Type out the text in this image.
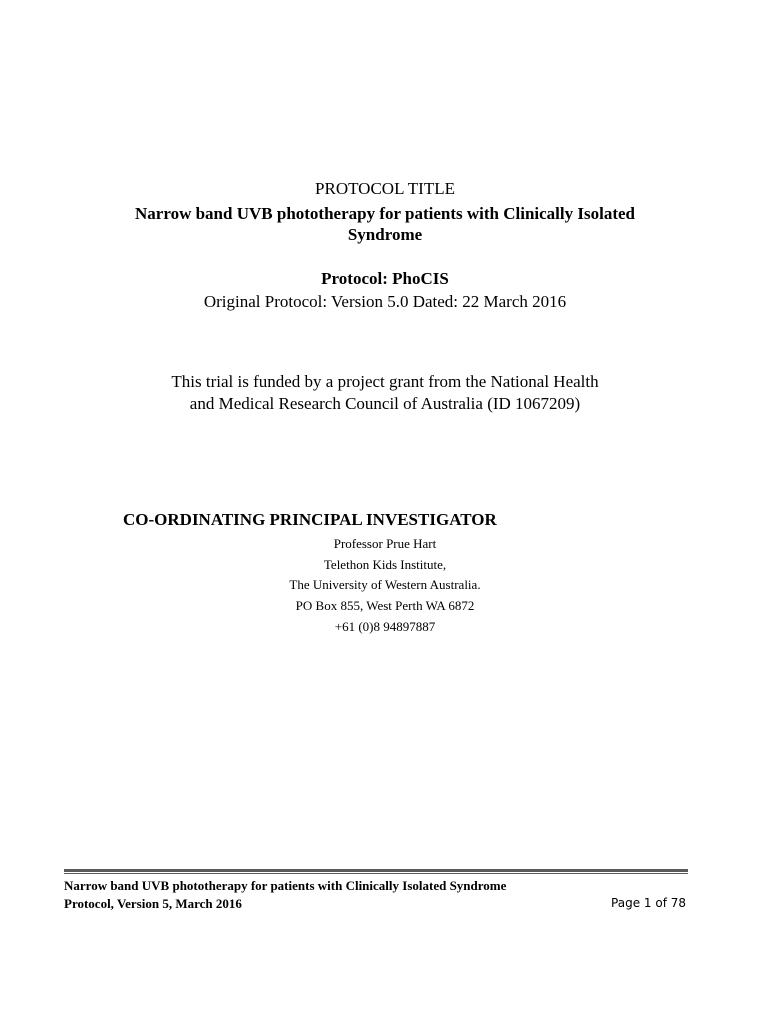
PROTOCOL TITLE
Narrow band UVB phototherapy for patients with Clinically Isolated
Syndrome
Protocol: PhoCIS
Original Protocol: Version 5.0 Dated: 22 March 2016
This trial is funded by a project grant from the National Health
and Medical Research Council of Australia (ID 1067209)
CO-ORDINATING PRINCIPAL INVESTIGATOR
Professor Prue Hart
Telethon Kids Institute,
The University of Western Australia.
PO Box 855, West Perth WA 6872
+61 (0)8 94897887
Narrow band UVB phototherapy for patients with Clinically Isolated Syndrome
Protocol, Version 5, March 2016	Page 1 of 78
